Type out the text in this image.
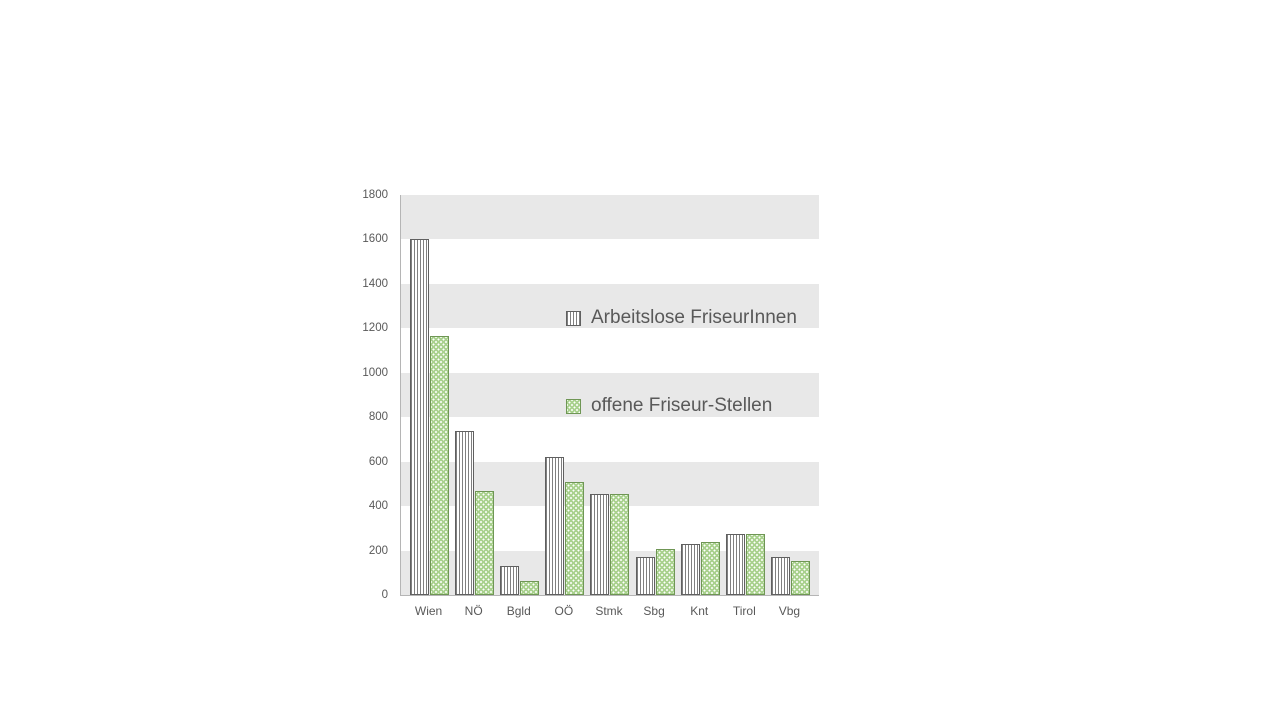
0
200
400
600
800
1000
1200
1400
1600
1800
Arbeitslose FriseurInnen
offene Friseur-Stellen
Wien	NÖ	Bgld	OÖ	Stmk	Sbg	Knt	Tirol	Vbg
